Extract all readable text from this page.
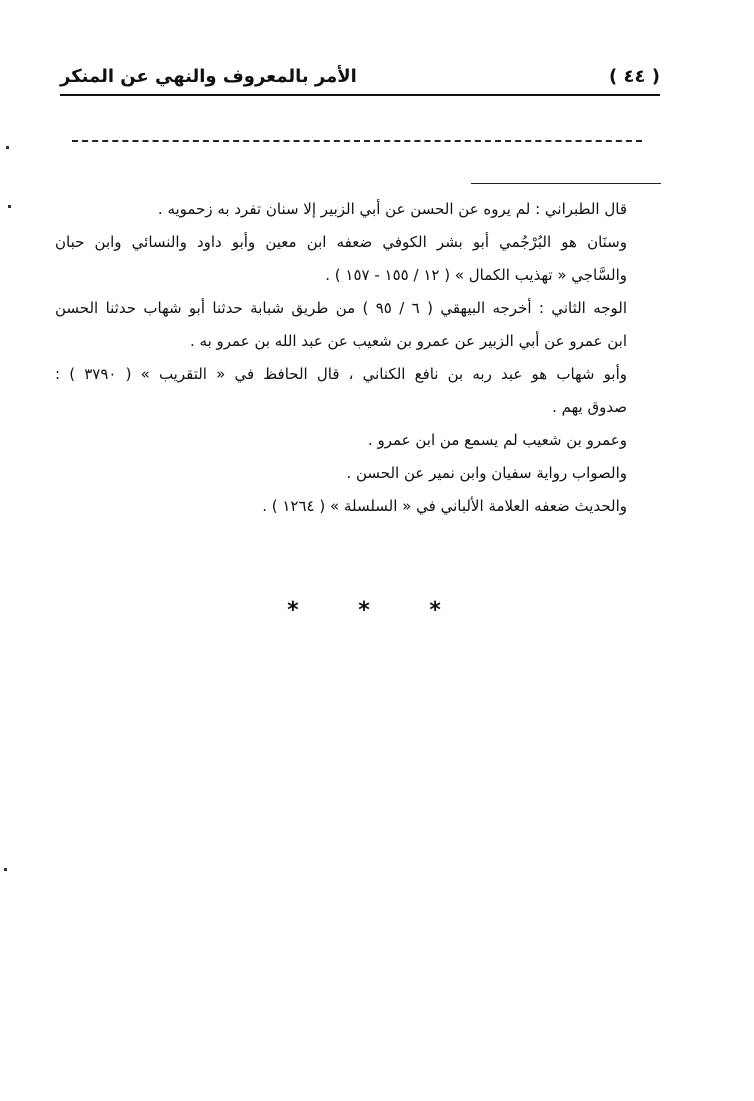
الأمر بالمعروف والنهي عن المنكر	( ٤٤ )
قال الطبراني : لم يروه عن الحسن عن أبي الزبير إلا سنان تفرد به زحمويه .
وسنَان هو البُرْجُمي أبو بشر الكوفي ضعفه ابن معين وأبو داود والنسائي وابن حبان
والسَّاجي « تهذيب الكمال » ( ١٢ / ١٥٥ - ١٥٧ ) .
الوجه الثاني : أخرجه البيهقي ( ٦ / ٩٥ ) من طريق شبابة حدثنا أبو شهاب حدثنا الحسن
ابن عمرو عن أبي الزبير عن عمرو بن شعيب عن عبد الله بن عمرو به .
وأبو شهاب هو عبد ربه بن نافع الكناني ، قال الحافظ في « التقريب » ( ٣٧٩٠ ) :
صدوق يهم .
وعمرو بن شعيب لم يسمع من ابن عمرو .
والصواب رواية سفيان وابن نمير عن الحسن .
والحديث ضعفه العلامة الألباني في « السلسلة » ( ١٢٦٤ ) .
* * *
